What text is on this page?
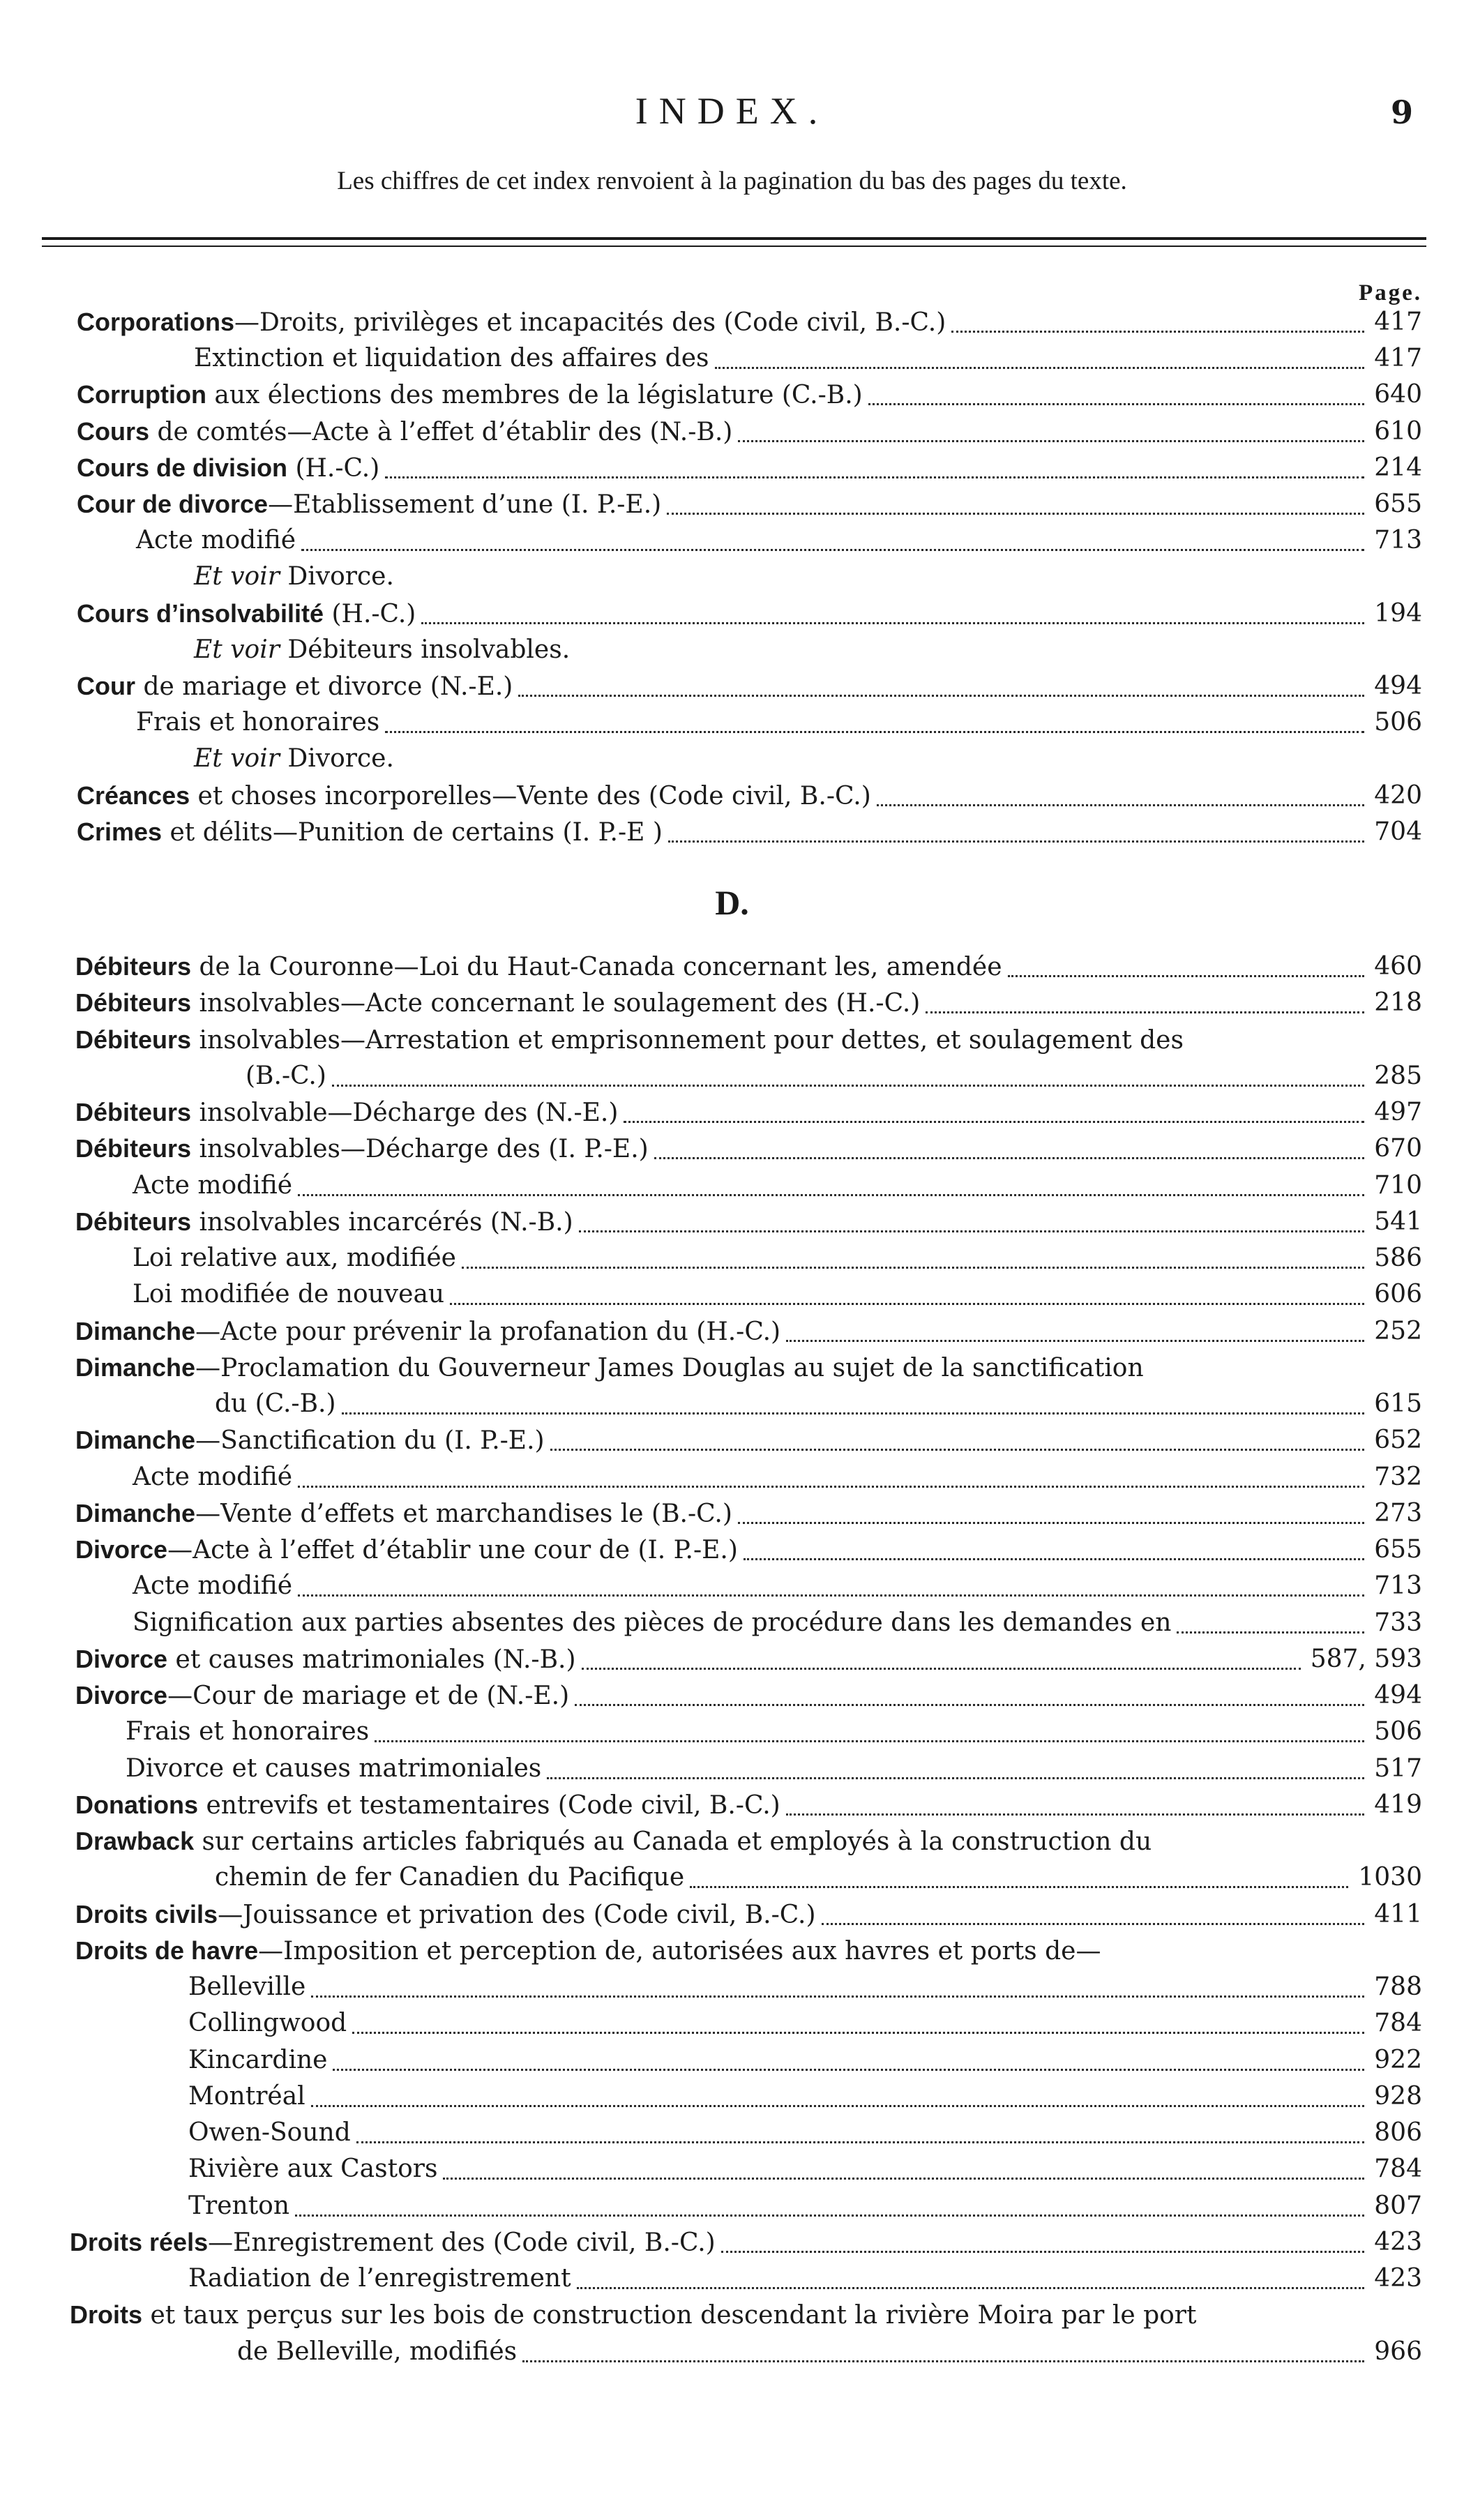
9
INDEX.
Les chiffres de cet index renvoient à la pagination du bas des pages du texte.
Page.
D.
Corporations—Droits, privilèges et incapacités des (Code civil, B.-C.)	417
Extinction et liquidation des affaires des	417
Corruption aux élections des membres de la législature (C.-B.)	640
Cours de comtés—Acte à l’effet d’établir des (N.-B.)	610
Cours de division (H.-C.)	214
Cour de divorce—Etablissement d’une (I. P.-E.)	655
Acte modifié	713
Et voir Divorce.
Cours d’insolvabilité (H.-C.)	194
Et voir Débiteurs insolvables.
Cour de mariage et divorce (N.-E.)	494
Frais et honoraires	506
Et voir Divorce.
Créances et choses incorporelles—Vente des (Code civil, B.-C.)	420
Crimes et délits—Punition de certains (I. P.-E )	704
Débiteurs de la Couronne—Loi du Haut-Canada concernant les, amendée	460
Débiteurs insolvables—Acte concernant le soulagement des (H.-C.)	218
Débiteurs insolvables—Arrestation et emprisonnement pour dettes, et soulagement des
(B.-C.)	285
Débiteurs insolvable—Décharge des (N.-E.)	497
Débiteurs insolvables—Décharge des (I. P.-E.)	670
Acte modifié	710
Débiteurs insolvables incarcérés (N.-B.)	541
Loi relative aux, modifiée	586
Loi modifiée de nouveau	606
Dimanche—Acte pour prévenir la profanation du (H.-C.)	252
Dimanche—Proclamation du Gouverneur James Douglas au sujet de la sanctification
du (C.-B.)	615
Dimanche—Sanctification du (I. P.-E.)	652
Acte modifié	732
Dimanche—Vente d’effets et marchandises le (B.-C.)	273
Divorce—Acte à l’effet d’établir une cour de (I. P.-E.)	655
Acte modifié	713
Signification aux parties absentes des pièces de procédure dans les demandes en	733
Divorce et causes matrimoniales (N.-B.)	587, 593
Divorce—Cour de mariage et de (N.-E.)	494
Frais et honoraires	506
Divorce et causes matrimoniales	517
Donations entrevifs et testamentaires (Code civil, B.-C.)	419
Drawback sur certains articles fabriqués au Canada et employés à la construction du
chemin de fer Canadien du Pacifique	1030
Droits civils—Jouissance et privation des (Code civil, B.-C.)	411
Droits de havre—Imposition et perception de, autorisées aux havres et ports de—
Belleville	788
Collingwood	784
Kincardine	922
Montréal	928
Owen-Sound	806
Rivière aux Castors	784
Trenton	807
Droits réels—Enregistrement des (Code civil, B.-C.)	423
Radiation de l’enregistrement	423
Droits et taux perçus sur les bois de construction descendant la rivière Moira par le port
de Belleville, modifiés	966
